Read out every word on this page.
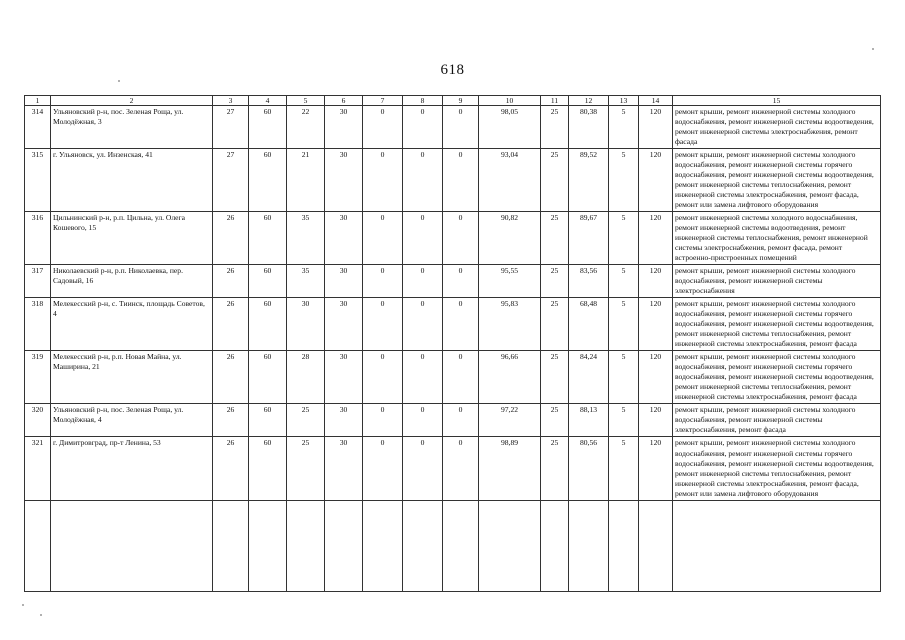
618
1	2	3	4	5	6	7	8	9	10	11	12	13	14	15
314	Ульяновский р-н, пос. Зеленая Роща, ул. Молодёжная, 3	27	60	22	30	0	0	0	98,05	25	80,38	5	120	ремонт крыши, ремонт инженерной системы холодного водоснабжения, ремонт инженерной системы водоотведения, ремонт инженерной системы электроснабжения, ремонт фасада
315	г. Ульяновск, ул. Инзенская, 41	27	60	21	30	0	0	0	93,04	25	89,52	5	120	ремонт крыши, ремонт инженерной системы холодного водоснабжения, ремонт инженерной системы горячего водоснабжения, ремонт инженерной системы водоотведения, ремонт инженерной системы теплоснабжения, ремонт инженерной системы электроснабжения, ремонт фасада, ремонт или замена лифтового оборудования
316	Цильнинский р-н, р.п. Цильна, ул. Олега Кошевого, 15	26	60	35	30	0	0	0	90,82	25	89,67	5	120	ремонт инженерной системы холодного водоснабжения, ремонт инженерной системы водоотведения, ремонт инженерной системы теплоснабжения, ремонт инженерной системы электроснабжения, ремонт фасада, ремонт встроенно-пристроенных помещений
317	Николаевский р-н, р.п. Николаевка, пер. Садовый, 16	26	60	35	30	0	0	0	95,55	25	83,56	5	120	ремонт крыши, ремонт инженерной системы холодного водоснабжения, ремонт инженерной системы электроснабжения
318	Мелекесский р-н, с. Тиинск, площадь Советов, 4	26	60	30	30	0	0	0	95,83	25	68,48	5	120	ремонт крыши, ремонт инженерной системы холодного водоснабжения, ремонт инженерной системы горячего водоснабжения, ремонт инженерной системы водоотведения, ремонт инженерной системы теплоснабжения, ремонт инженерной системы электроснабжения, ремонт фасада
319	Мелекесский р-н, р.п. Новая Майна, ул. Маширина, 21	26	60	28	30	0	0	0	96,66	25	84,24	5	120	ремонт крыши, ремонт инженерной системы холодного водоснабжения, ремонт инженерной системы горячего водоснабжения, ремонт инженерной системы водоотведения, ремонт инженерной системы теплоснабжения, ремонт инженерной системы электроснабжения, ремонт фасада
320	Ульяновский р-н, пос. Зеленая Роща, ул. Молодёжная, 4	26	60	25	30	0	0	0	97,22	25	88,13	5	120	ремонт крыши, ремонт инженерной системы холодного водоснабжения, ремонт инженерной системы электроснабжения, ремонт фасада
321	г. Димитровград, пр-т Ленина, 53	26	60	25	30	0	0	0	98,89	25	80,56	5	120	ремонт крыши, ремонт инженерной системы холодного водоснабжения, ремонт инженерной системы горячего водоснабжения, ремонт инженерной системы водоотведения, ремонт инженерной системы теплоснабжения, ремонт инженерной системы электроснабжения, ремонт фасада, ремонт или замена лифтового оборудования
